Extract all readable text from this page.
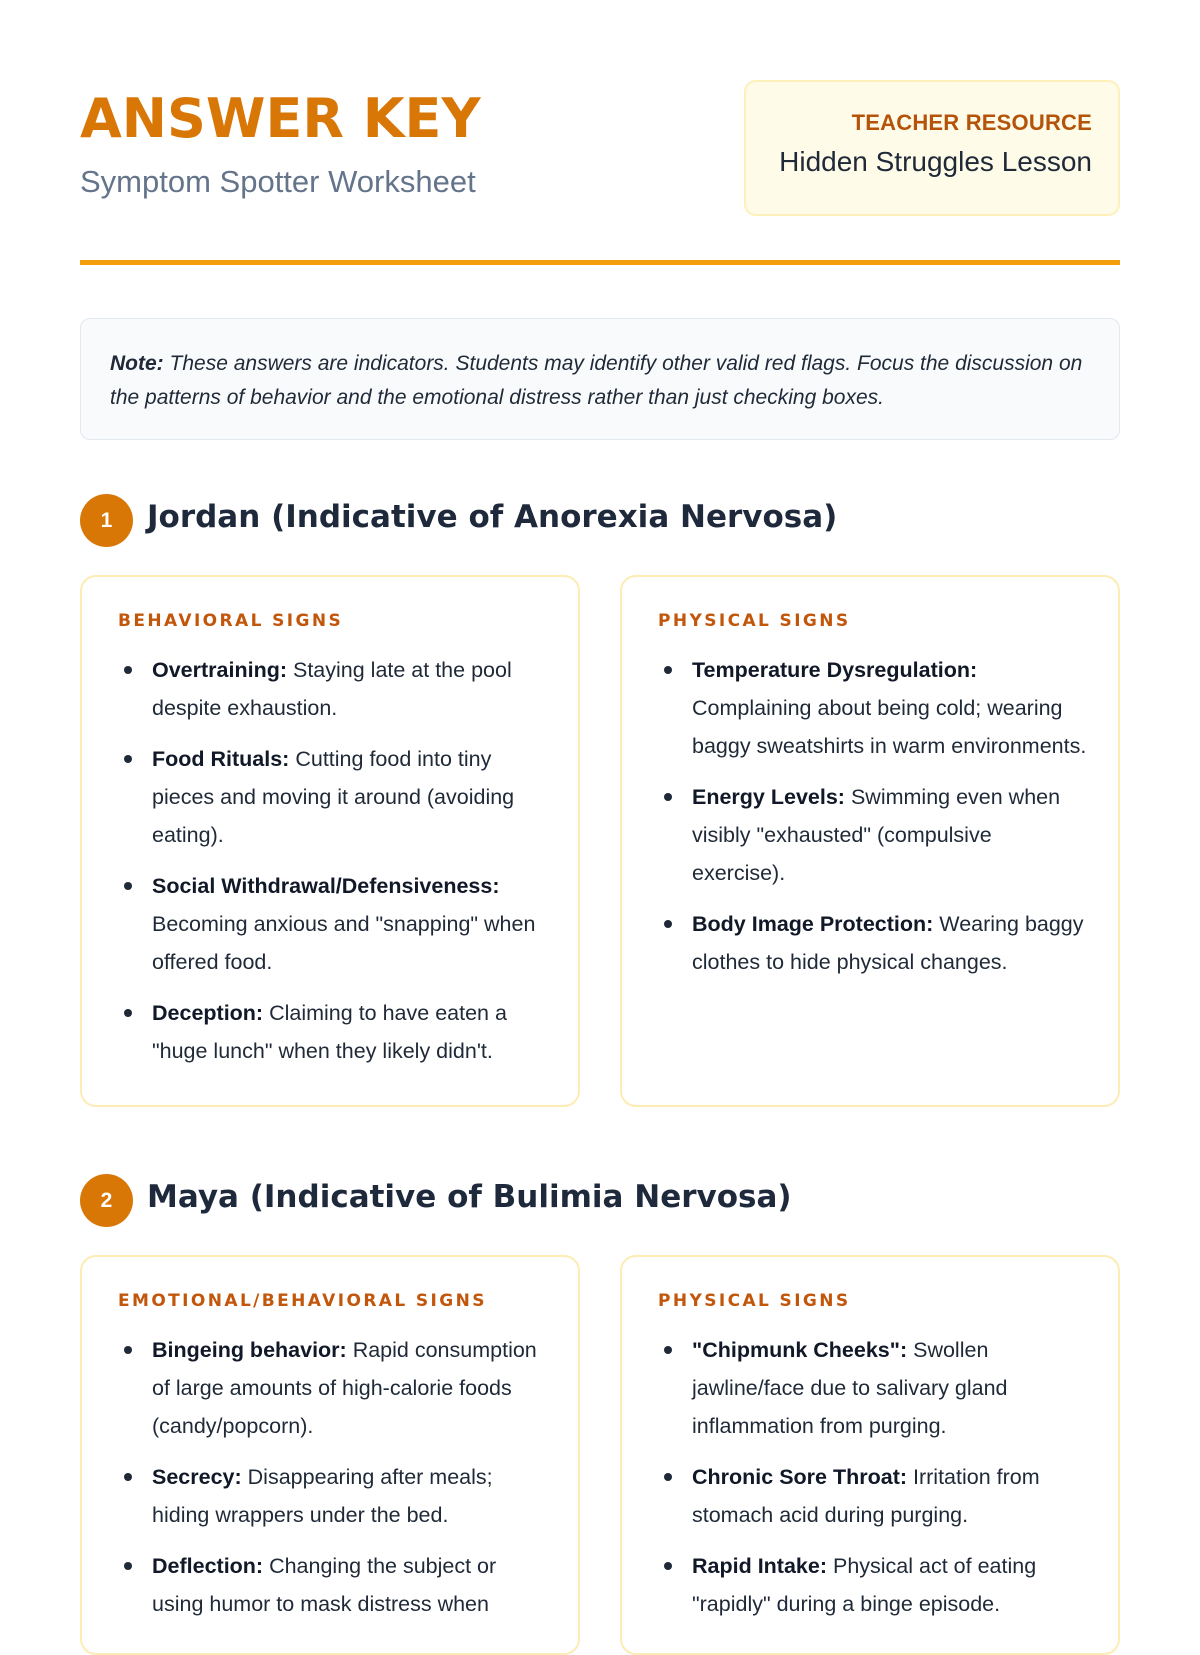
ANSWER KEY
Symptom Spotter Worksheet
TEACHER RESOURCE
Hidden Struggles Lesson
Note: These answers are indicators. Students may identify other valid red flags. Focus the discussion on the patterns of behavior and the emotional distress rather than just checking boxes.
1	Jordan (Indicative of Anorexia Nervosa)
BEHAVIORAL SIGNS
Overtraining: Staying late at the pool despite exhaustion.
Food Rituals: Cutting food into tiny pieces and moving it around (avoiding eating).
Social Withdrawal/Defensiveness: Becoming anxious and "snapping" when offered food.
Deception: Claiming to have eaten a "huge lunch" when they likely didn't.
PHYSICAL SIGNS
Temperature Dysregulation: Complaining about being cold; wearing baggy sweatshirts in warm environments.
Energy Levels: Swimming even when visibly "exhausted" (compulsive exercise).
Body Image Protection: Wearing baggy clothes to hide physical changes.
2	Maya (Indicative of Bulimia Nervosa)
EMOTIONAL/BEHAVIORAL SIGNS
Bingeing behavior: Rapid consumption of large amounts of high-calorie foods (candy/popcorn).
Secrecy: Disappearing after meals; hiding wrappers under the bed.
Deflection: Changing the subject or using humor to mask distress when
PHYSICAL SIGNS
"Chipmunk Cheeks": Swollen jawline/face due to salivary gland inflammation from purging.
Chronic Sore Throat: Irritation from stomach acid during purging.
Rapid Intake: Physical act of eating "rapidly" during a binge episode.
